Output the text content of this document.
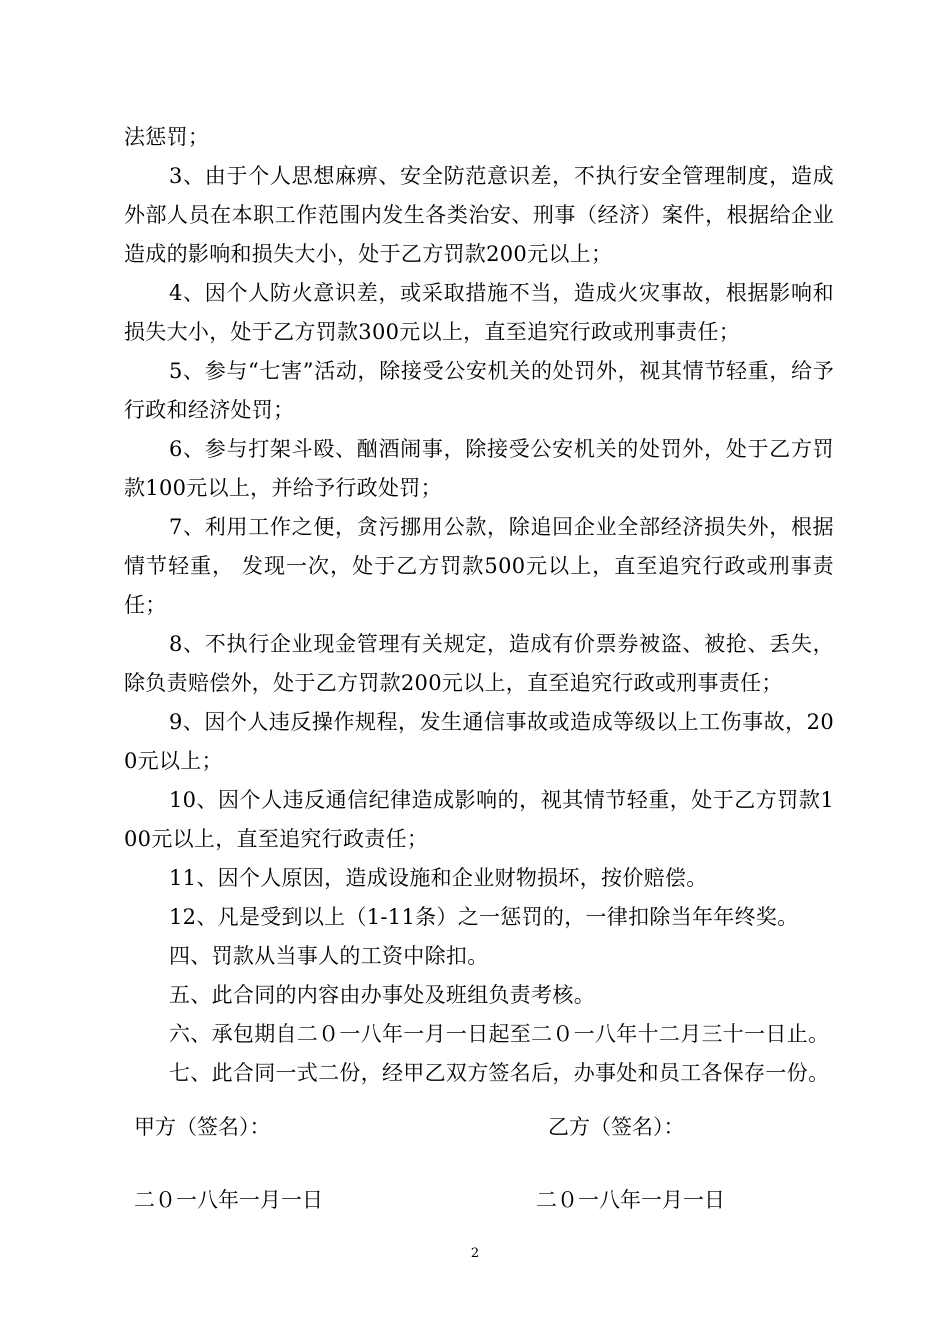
法惩罚；

3、由于个人思想麻痹、安全防范意识差，不执行安全管理制度，造成外部人员在本职工作范围内发生各类治安、刑事（经济）案件，根据给企业造成的影响和损失大小，处于乙方罚款200元以上；

4、因个人防火意识差，或采取措施不当，造成火灾事故，根据影响和损失大小，处于乙方罚款300元以上，直至追究行政或刑事责任；

5、参与“七害”活动，除接受公安机关的处罚外，视其情节轻重，给予行政和经济处罚；

6、参与打架斗殴、酗酒闹事，除接受公安机关的处罚外，处于乙方罚款100元以上，并给予行政处罚；

7、利用工作之便，贪污挪用公款，除追回企业全部经济损失外，根据情节轻重， 发现一次，处于乙方罚款500元以上，直至追究行政或刑事责任；

8、不执行企业现金管理有关规定，造成有价票券被盗、被抢、丢失，除负责赔偿外，处于乙方罚款200元以上，直至追究行政或刑事责任；

9、因个人违反操作规程，发生通信事故或造成等级以上工伤事故，200元以上；

10、因个人违反通信纪律造成影响的，视其情节轻重，处于乙方罚款100元以上，直至追究行政责任；

11、因个人原因，造成设施和企业财物损坏，按价赔偿。

12、凡是受到以上（1-11条）之一惩罚的，一律扣除当年年终奖。

四、罚款从当事人的工资中除扣。

五、此合同的内容由办事处及班组负责考核。

六、承包期自二０一八年一月一日起至二０一八年十二月三十一日止。

七、此合同一式二份，经甲乙双方签名后，办事处和员工各保存一份。

甲方（签名）：	乙方（签名）：
二０一八年一月一日	二０一八年一月一日
2
